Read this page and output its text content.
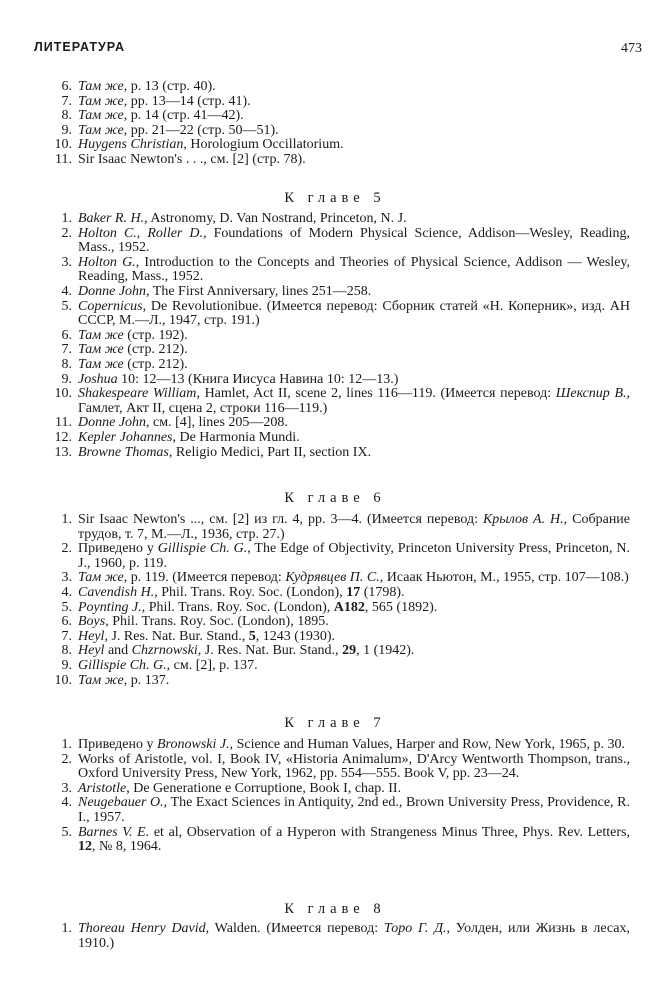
ЛИТЕРАТУРА	473
6. Там же, p. 13 (стр. 40).
7. Там же, pp. 13—14 (стр. 41).
8. Там же, p. 14 (стр. 41—42).
9. Там же, pp. 21—22 (стр. 50—51).
10. Huygens Christian, Horologium Occillatorium.
11. Sir Isaac Newton's . . ., см. [2] (стр. 78).
К главе 5
1. Baker R. H., Astronomy, D. Van Nostrand, Princeton, N. J.
2. Holton C., Roller D., Foundations of Modern Physical Science, Addison—Wesley, Reading, Mass., 1952.
3. Holton G., Introduction to the Concepts and Theories of Physical Science, Addison — Wesley, Reading, Mass., 1952.
4. Donne John, The First Anniversary, lines 251—258.
5. Copernicus, De Revolutionibue. (Имеется перевод: Сборник статей «Н. Коперник», изд. АН СССР, М.—Л., 1947, стр. 191.)
6. Там же (стр. 192).
7. Там же (стр. 212).
8. Там же (стр. 212).
9. Joshua 10: 12—13 (Книга Иисуса Навина 10: 12—13.)
10. Shakespeare William, Hamlet, Act II, scene 2, lines 116—119. (Имеется перевод: Шекспир В., Гамлет, Акт II, сцена 2, строки 116—119.)
11. Donne John, см. [4], lines 205—208.
12. Kepler Johannes, De Harmonia Mundi.
13. Browne Thomas, Religio Medici, Part II, section IX.
К главе 6
1. Sir Isaac Newton's ..., см. [2] из гл. 4, pp. 3—4. (Имеется перевод: Крылов А. Н., Собрание трудов, т. 7, М.—Л., 1936, стр. 27.)
2. Приведено у Gillispie Ch. G., The Edge of Objectivity, Princeton University Press, Princeton, N. J., 1960, p. 119.
3. Там же, p. 119. (Имеется перевод: Кудрявцев П. С., Исаак Ньютон, М., 1955, стр. 107—108.)
4. Cavendish H., Phil. Trans. Roy. Soc. (London), 17 (1798).
5. Poynting J., Phil. Trans. Roy. Soc. (London), A182, 565 (1892).
6. Boys, Phil. Trans. Roy. Soc. (London), 1895.
7. Heyl, J. Res. Nat. Bur. Stand., 5, 1243 (1930).
8. Heyl and Chzrnowski, J. Res. Nat. Bur. Stand., 29, 1 (1942).
9. Gillispie Ch. G., см. [2], p. 137.
10. Там же, p. 137.
К главе 7
1. Приведено у Bronowski J., Science and Human Values, Harper and Row, New York, 1965, p. 30.
2. Works of Aristotle, vol. I, Book IV, «Historia Animalum», D'Arcy Wentworth Thompson, trans., Oxford University Press, New York, 1962, pp. 554—555. Book V, pp. 23—24.
3. Aristotle, De Generatione e Corruptione, Book I, chap. II.
4. Neugebauer O., The Exact Sciences in Antiquity, 2nd ed., Brown University Press, Providence, R. I., 1957.
5. Barnes V. E. et al, Observation of a Hyperon with Strangeness Minus Three, Phys. Rev. Letters, 12, № 8, 1964.
К главе 8
1. Thoreau Henry David, Walden. (Имеется перевод: Торо Г. Д., Уолден, или Жизнь в лесах, 1910.)
